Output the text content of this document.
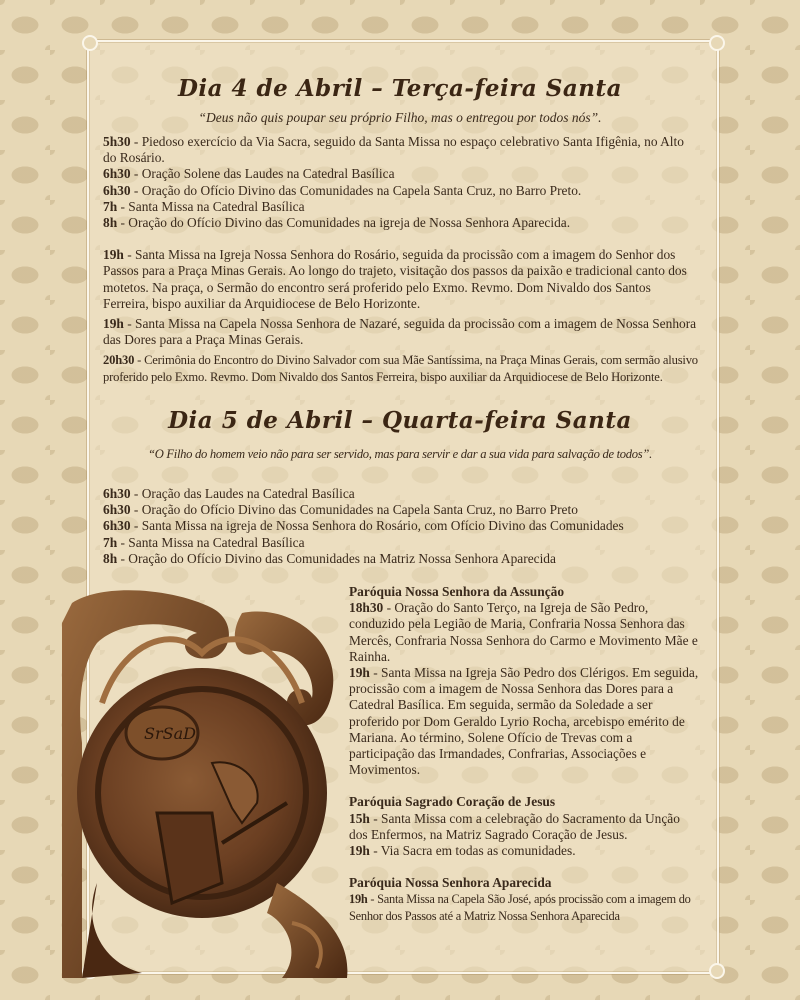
Dia 4 de Abril – Terça-feira Santa
“Deus não quis poupar seu próprio Filho, mas o entregou por todos nós”.

5h30 - Piedoso exercício da Via Sacra, seguido da Santa Missa no espaço celebrativo Santa Ifigênia, no Alto do Rosário.

6h30 - Oração Solene das Laudes na Catedral Basílica

6h30 - Oração do Ofício Divino das Comunidades na Capela Santa Cruz, no Barro Preto.

7h - Santa Missa na Catedral Basílica

8h - Oração do Ofício Divino das Comunidades na igreja de Nossa Senhora Aparecida.

19h - Santa Missa na Igreja Nossa Senhora do Rosário, seguida da procissão com a imagem do Senhor dos Passos para a Praça Minas Gerais. Ao longo do trajeto, visitação dos passos da paixão e tradicional canto dos motetos. Na praça, o Sermão do encontro será proferido pelo Exmo. Revmo. Dom Nivaldo dos Santos Ferreira, bispo auxiliar da Arquidiocese de Belo Horizonte.

19h - Santa Missa na Capela Nossa Senhora de Nazaré, seguida da procissão com a imagem de Nossa Senhora das Dores para a Praça Minas Gerais.

20h30 - Cerimônia do Encontro do Divino Salvador com sua Mãe Santíssima, na Praça Minas Gerais, com sermão alusivo proferido pelo Exmo. Revmo. Dom Nivaldo dos Santos Ferreira, bispo auxiliar da Arquidiocese de Belo Horizonte.

Dia 5 de Abril – Quarta-feira Santa
“O Filho do homem veio não para ser servido, mas para servir e dar a sua vida para salvação de todos”.

6h30 - Oração das Laudes na Catedral Basílica

6h30 - Oração do Ofício Divino das Comunidades na Capela Santa Cruz, no Barro Preto

6h30 - Santa Missa na igreja de Nossa Senhora do Rosário, com Ofício Divino das Comunidades

7h - Santa Missa na Catedral Basílica

8h - Oração do Ofício Divino das Comunidades na Matriz Nossa Senhora Aparecida

SrSaD
Paróquia Nossa Senhora da Assunção

18h30 - Oração do Santo Terço, na Igreja de São Pedro, conduzido pela Legião de Maria, Confraria Nossa Senhora das Mercês, Confraria Nossa Senhora do Carmo e Movimento Mãe e Rainha.

19h - Santa Missa na Igreja São Pedro dos Clérigos. Em seguida, procissão com a imagem de Nossa Senhora das Dores para a Catedral Basílica. Em seguida, sermão da Soledade a ser proferido por Dom Geraldo Lyrio Rocha, arcebispo emérito de Mariana. Ao término, Solene Ofício de Trevas com a participação das Irmandades, Confrarias, Associações e Movimentos.

Paróquia Sagrado Coração de Jesus

15h - Santa Missa com a celebração do Sacramento da Unção dos Enfermos, na Matriz Sagrado Coração de Jesus.

19h - Via Sacra em todas as comunidades.

Paróquia Nossa Senhora Aparecida

19h - Santa Missa na Capela São José, após procissão com a imagem do Senhor dos Passos até a Matriz Nossa Senhora Aparecida
